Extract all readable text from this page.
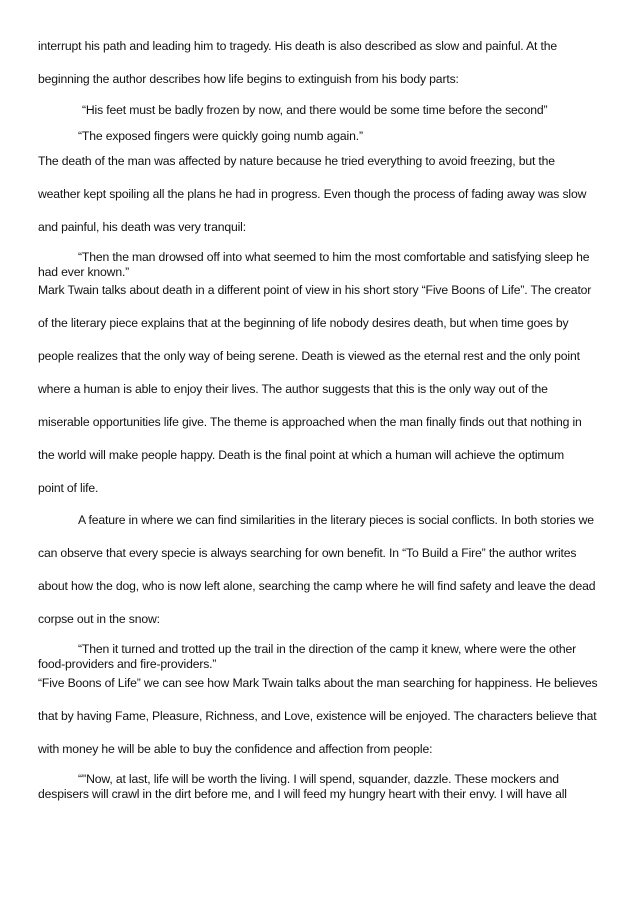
interrupt his path and leading him to tragedy. His death is also described as slow and painful. At the

beginning the author describes how life begins to extinguish from his body parts:

“His feet must be badly frozen by now, and there would be some time before the second”

“The exposed fingers were quickly going numb again.”

The death of the man was affected by nature because he tried everything to avoid freezing, but the

weather kept spoiling all the plans he had in progress. Even though the process of fading away was slow

and painful, his death was very tranquil:

“Then the man drowsed off into what seemed to him the most comfortable and satisfying sleep he had ever known.”

Mark Twain talks about death in a different point of view in his short story “Five Boons of Life”. The creator

of the literary piece explains that at the beginning of life nobody desires death, but when time goes by

people realizes that the only way of being serene. Death is viewed as the eternal rest and the only point

where a human is able to enjoy their lives. The author suggests that this is the only way out of the

miserable opportunities life give. The theme is approached when the man finally finds out that nothing in

the world will make people happy. Death is the final point at which a human will achieve the optimum

point of life.

A feature in where we can find similarities in the literary pieces is social conflicts. In both stories we

can observe that every specie is always searching for own benefit. In “To Build a Fire” the author writes

about how the dog, who is now left alone, searching the camp where he will find safety and leave the dead

corpse out in the snow:

“Then it turned and trotted up the trail in the direction of the camp it knew, where were the other food-providers and fire-providers.”

“Five Boons of Life” we can see how Mark Twain talks about the man searching for happiness. He believes

that by having Fame, Pleasure, Richness, and Love, existence will be enjoyed. The characters believe that

with money he will be able to buy the confidence and affection from people:

“"Now, at last, life will be worth the living. I will spend, squander, dazzle. These mockers and despisers will crawl in the dirt before me, and I will feed my hungry heart with their envy. I will have all
